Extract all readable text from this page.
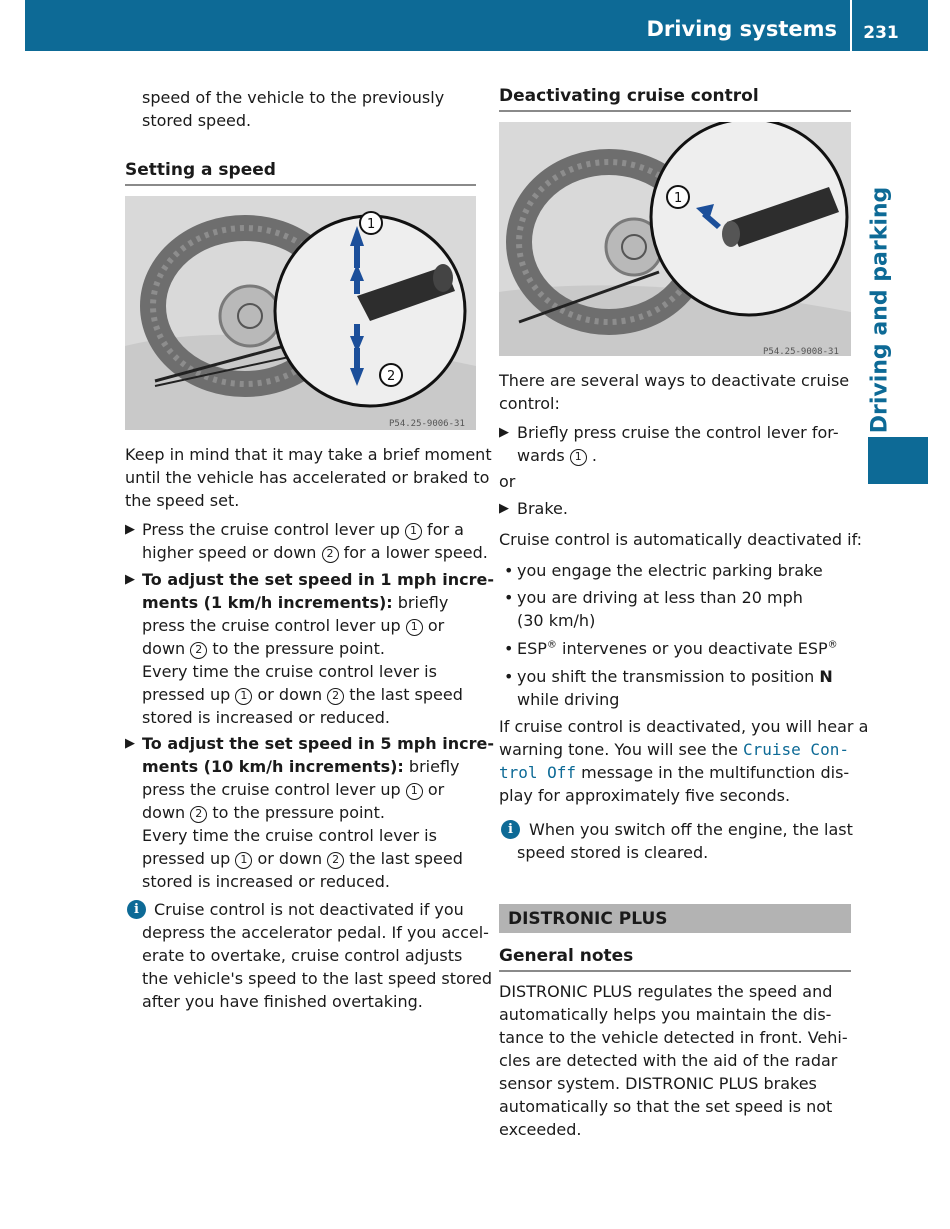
Driving systems	231
Driving and parking
speed of the vehicle to the previously
stored speed.
Setting a speed
1
2
P54.25-9006-31
Keep in mind that it may take a brief moment
until the vehicle has accelerated or braked to
the speed set.
▶ Press the cruise control lever up 1 for a
higher speed or down 2 for a lower speed.
▶ To adjust the set speed in 1 mph incre-
ments (1 km/h increments): briefly
press the cruise control lever up 1 or
down 2 to the pressure point.
Every time the cruise control lever is
pressed up 1 or down 2 the last speed
stored is increased or reduced.
▶ To adjust the set speed in 5 mph incre-
ments (10 km/h increments): briefly
press the cruise control lever up 1 or
down 2 to the pressure point.
Every time the cruise control lever is
pressed up 1 or down 2 the last speed
stored is increased or reduced.
i Cruise control is not deactivated if you
depress the accelerator pedal. If you accel-
erate to overtake, cruise control adjusts
the vehicle's speed to the last speed stored
after you have finished overtaking.
Deactivating cruise control
1
P54.25-9008-31
There are several ways to deactivate cruise
control:
▶ Briefly press cruise the control lever for-
wards 1 .
or
▶ Brake.
Cruise control is automatically deactivated if:
• you engage the electric parking brake
• you are driving at less than 20 mph
(30 km/h)
• ESP® intervenes or you deactivate ESP®
• you shift the transmission to position N
while driving
If cruise control is deactivated, you will hear a
warning tone. You will see the Cruise Con-
trol Off message in the multifunction dis-
play for approximately five seconds.
i	When you switch off the engine, the last
speed stored is cleared.
DISTRONIC PLUS
General notes
DISTRONIC PLUS regulates the speed and
automatically helps you maintain the dis-
tance to the vehicle detected in front. Vehi-
cles are detected with the aid of the radar
sensor system. DISTRONIC PLUS brakes
automatically so that the set speed is not
exceeded.
